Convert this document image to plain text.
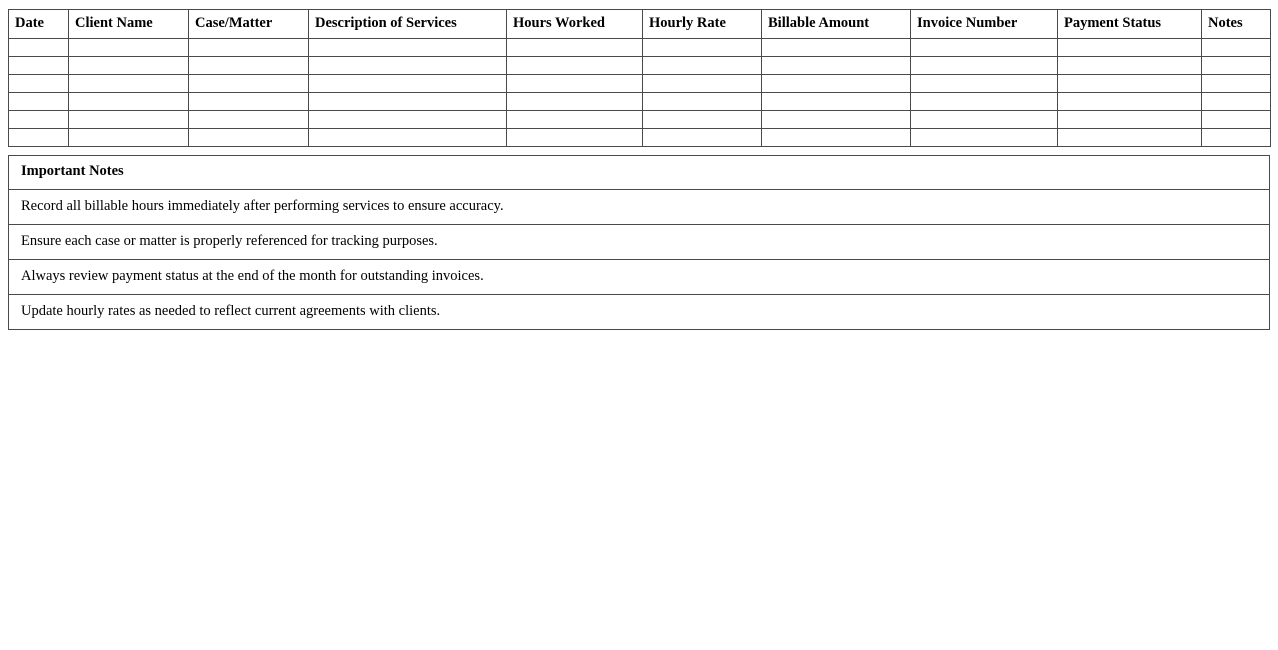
Date	Client Name	Case/Matter	Description of Services	Hours Worked	Hourly Rate	Billable Amount	Invoice Number	Payment Status	Notes

Important Notes
Record all billable hours immediately after performing services to ensure accuracy.
Ensure each case or matter is properly referenced for tracking purposes.
Always review payment status at the end of the month for outstanding invoices.
Update hourly rates as needed to reflect current agreements with clients.
